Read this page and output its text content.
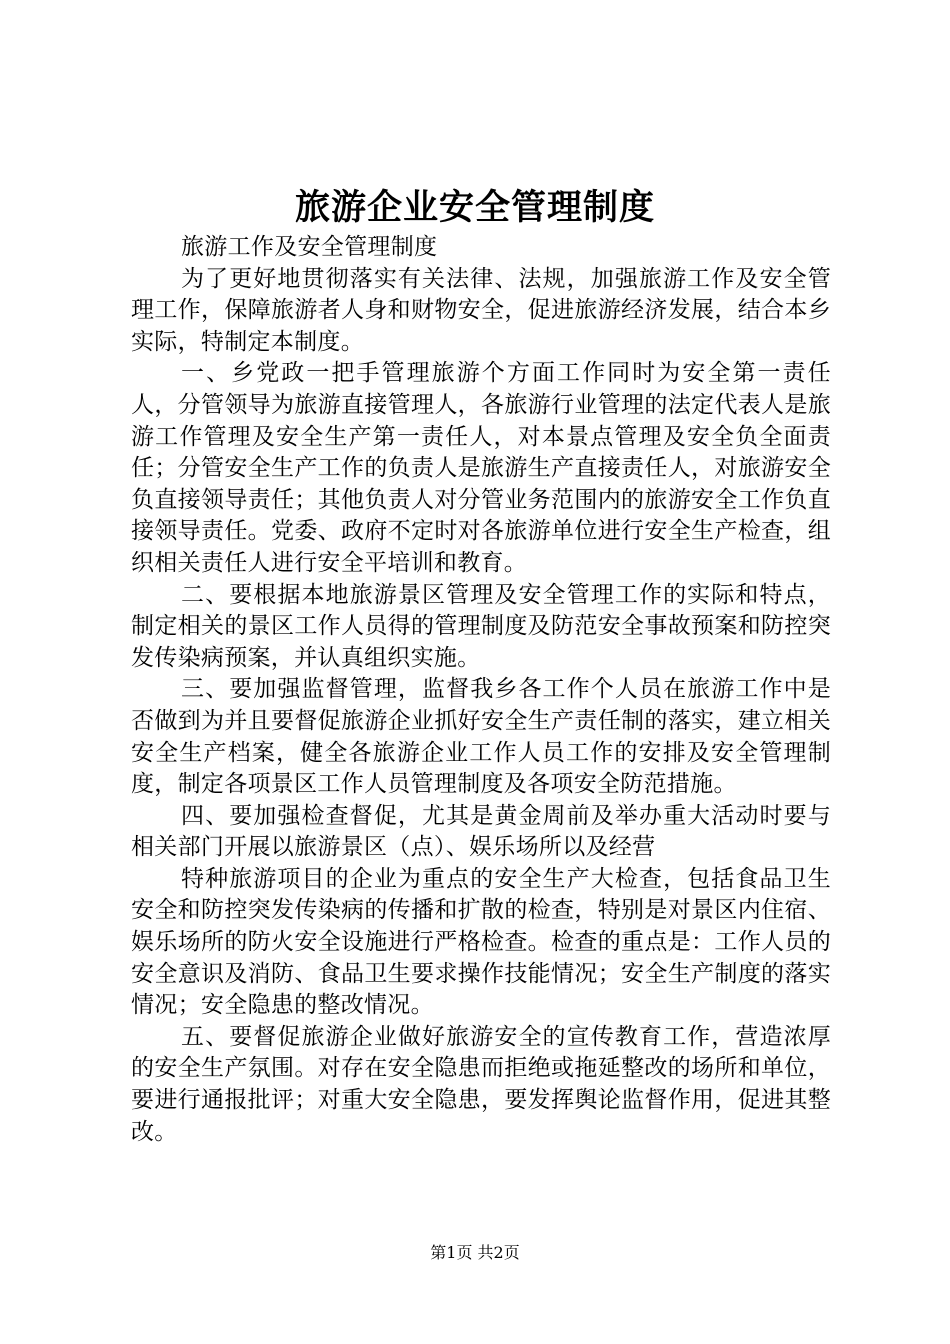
旅游企业安全管理制度

旅游工作及安全管理制度

为了更好地贯彻落实有关法律、法规，加强旅游工作及安全管理工作，保障旅游者人身和财物安全，促进旅游经济发展，结合本乡实际，特制定本制度。

一、乡党政一把手管理旅游个方面工作同时为安全第一责任人，分管领导为旅游直接管理人，各旅游行业管理的法定代表人是旅游工作管理及安全生产第一责任人，对本景点管理及安全负全面责任；分管安全生产工作的负责人是旅游生产直接责任人，对旅游安全负直接领导责任；其他负责人对分管业务范围内的旅游安全工作负直接领导责任。党委、政府不定时对各旅游单位进行安全生产检查，组织相关责任人进行安全平培训和教育。

二、要根据本地旅游景区管理及安全管理工作的实际和特点，制定相关的景区工作人员得的管理制度及防范安全事故预案和防控突发传染病预案，并认真组织实施。

三、要加强监督管理，监督我乡各工作个人员在旅游工作中是否做到为并且要督促旅游企业抓好安全生产责任制的落实，建立相关安全生产档案，健全各旅游企业工作人员工作的安排及安全管理制度，制定各项景区工作人员管理制度及各项安全防范措施。

四、要加强检查督促，尤其是黄金周前及举办重大活动时要与相关部门开展以旅游景区（点）、娱乐场所以及经营

特种旅游项目的企业为重点的安全生产大检查，包括食品卫生安全和防控突发传染病的传播和扩散的检查，特别是对景区内住宿、娱乐场所的防火安全设施进行严格检查。检查的重点是：工作人员的安全意识及消防、食品卫生要求操作技能情况；安全生产制度的落实情况；安全隐患的整改情况。

五、要督促旅游企业做好旅游安全的宣传教育工作，营造浓厚的安全生产氛围。对存在安全隐患而拒绝或拖延整改的场所和单位，要进行通报批评；对重大安全隐患，要发挥舆论监督作用，促进其整改。

第1页 共2页
